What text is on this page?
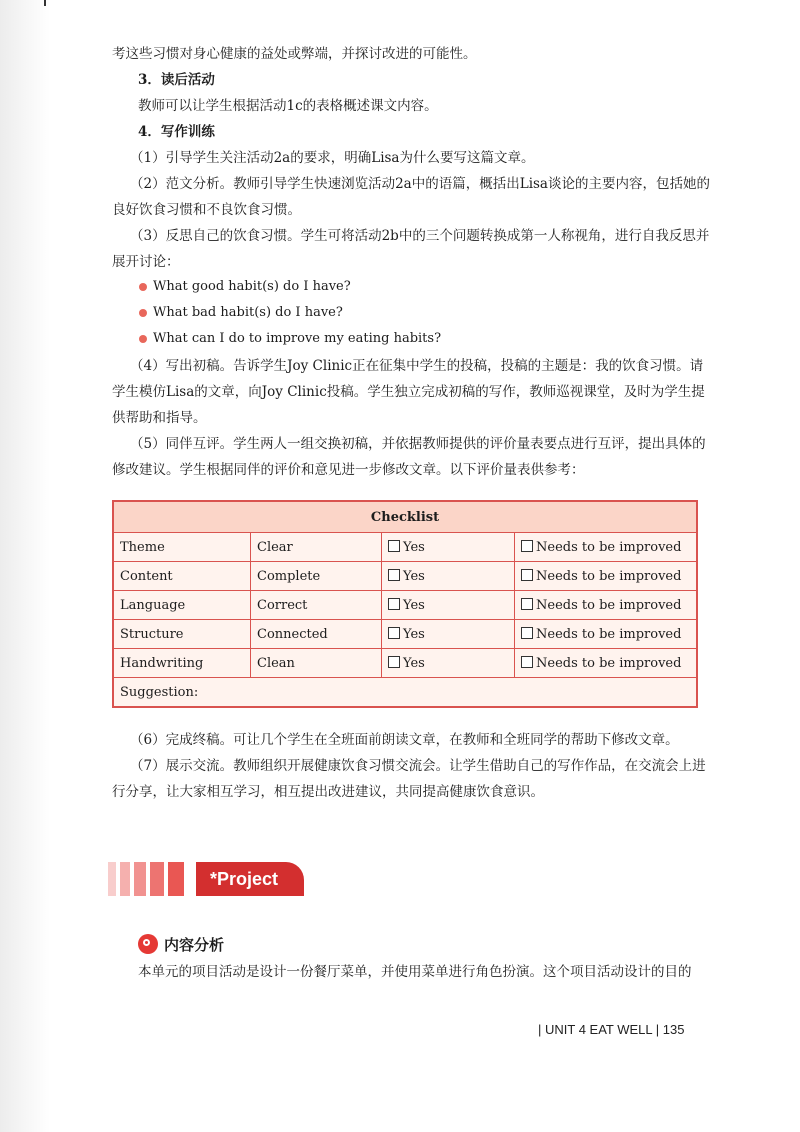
考这些习惯对身心健康的益处或弊端，并探讨改进的可能性。
3．读后活动
教师可以让学生根据活动1c的表格概述课文内容。
4．写作训练
（1）引导学生关注活动2a的要求，明确Lisa为什么要写这篇文章。
（2）范文分析。教师引导学生快速浏览活动2a中的语篇，概括出Lisa谈论的主要内容，包括她的
良好饮食习惯和不良饮食习惯。
（3）反思自己的饮食习惯。学生可将活动2b中的三个问题转换成第一人称视角，进行自我反思并
展开讨论：
What good habit(s) do I have?
What bad habit(s) do I have?
What can I do to improve my eating habits?
（4）写出初稿。告诉学生Joy Clinic正在征集中学生的投稿，投稿的主题是：我的饮食习惯。请
学生模仿Lisa的文章，向Joy Clinic投稿。学生独立完成初稿的写作，教师巡视课堂，及时为学生提
供帮助和指导。
（5）同伴互评。学生两人一组交换初稿，并依据教师提供的评价量表要点进行互评，提出具体的
修改建议。学生根据同伴的评价和意见进一步修改文章。以下评价量表供参考：
Checklist			
Theme	Clear	Yes	Needs to be improved
Content	Complete	Yes	Needs to be improved
Language	Correct	Yes	Needs to be improved
Structure	Connected	Yes	Needs to be improved
Handwriting	Clean	Yes	Needs to be improved
Suggestion:			
（6）完成终稿。可让几个学生在全班面前朗读文章，在教师和全班同学的帮助下修改文章。
（7）展示交流。教师组织开展健康饮食习惯交流会。让学生借助自己的写作作品，在交流会上进
行分享，让大家相互学习，相互提出改进建议，共同提高健康饮食意识。
*Project
内容分析
本单元的项目活动是设计一份餐厅菜单，并使用菜单进行角色扮演。这个项目活动设计的目的
| UNIT 4 EAT WELL | 135
